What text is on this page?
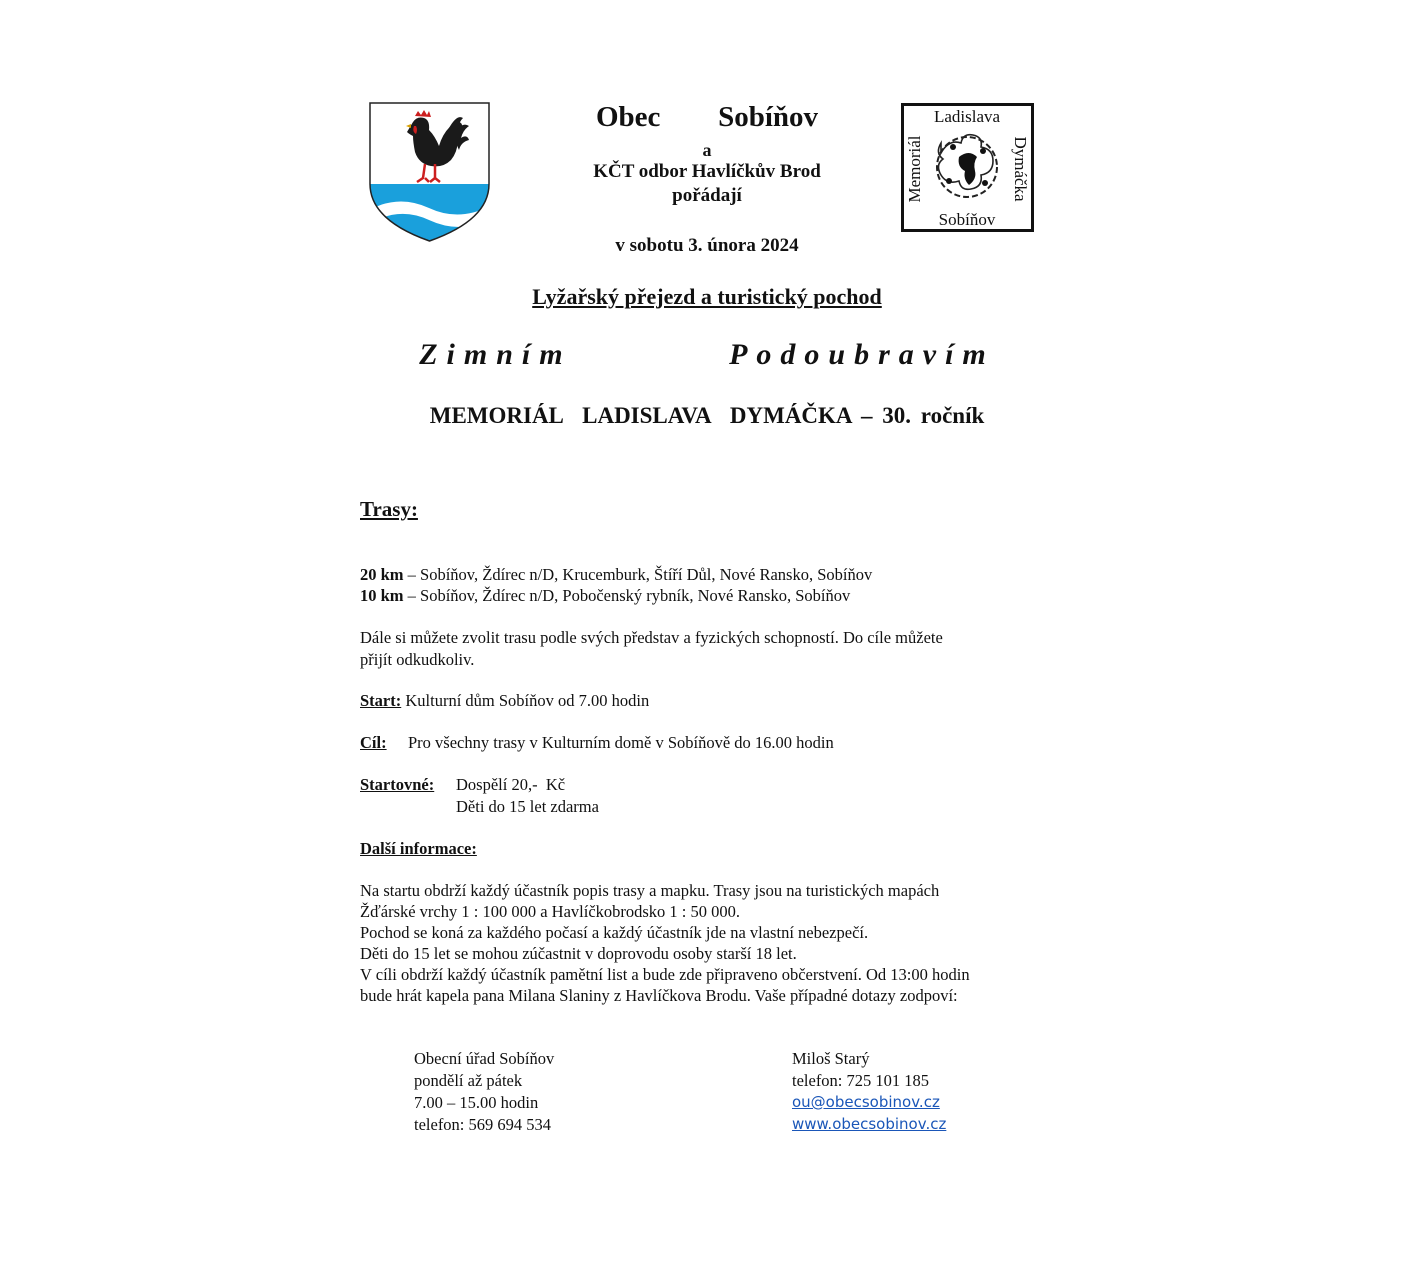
Obec   Sobíňov
a
KČT odbor Havlíčkův Brod
pořádají
v sobotu 3. února 2024
Ladislava
Sobíňov
Memoriál	Dymáčka
Lyžařský přejezd a turistický pochod
Zimním   Podoubravím
MEMORIÁL  LADISLAVA  DYMÁČKA – 30. ročník
Trasy:
20 km – Sobíňov, Ždírec n/D, Krucemburk, Štíří Důl, Nové Ransko, Sobíňov
10 km – Sobíňov, Ždírec n/D, Pobočenský rybník, Nové Ransko, Sobíňov
Dále si můžete zvolit trasu podle svých představ a fyzických schopností. Do cíle můžete
přijít odkudkoliv.
Start: Kulturní dům Sobíňov od 7.00 hodin
Cíl: Pro všechny trasy v Kulturním domě v Sobíňově do 16.00 hodin
Startovné: Dospělí 20,-  Kč
Děti do 15 let zdarma
Další informace:
Na startu obdrží každý účastník popis trasy a mapku. Trasy jsou na turistických mapách
Žďárské vrchy 1 : 100 000 a Havlíčkobrodsko 1 : 50 000.
Pochod se koná za každého počasí a každý účastník jde na vlastní nebezpečí.
Děti do 15 let se mohou zúčastnit v doprovodu osoby starší 18 let.
V cíli obdrží každý účastník pamětní list a bude zde připraveno občerstvení. Od 13:00 hodin
bude hrát kapela pana Milana Slaniny z Havlíčkova Brodu. Vaše případné dotazy zodpoví:
Obecní úřad Sobíňov
pondělí až pátek
7.00 – 15.00 hodin
telefon: 569 694 534
Miloš Starý
telefon: 725 101 185
ou@obecsobinov.cz
www.obecsobinov.cz
